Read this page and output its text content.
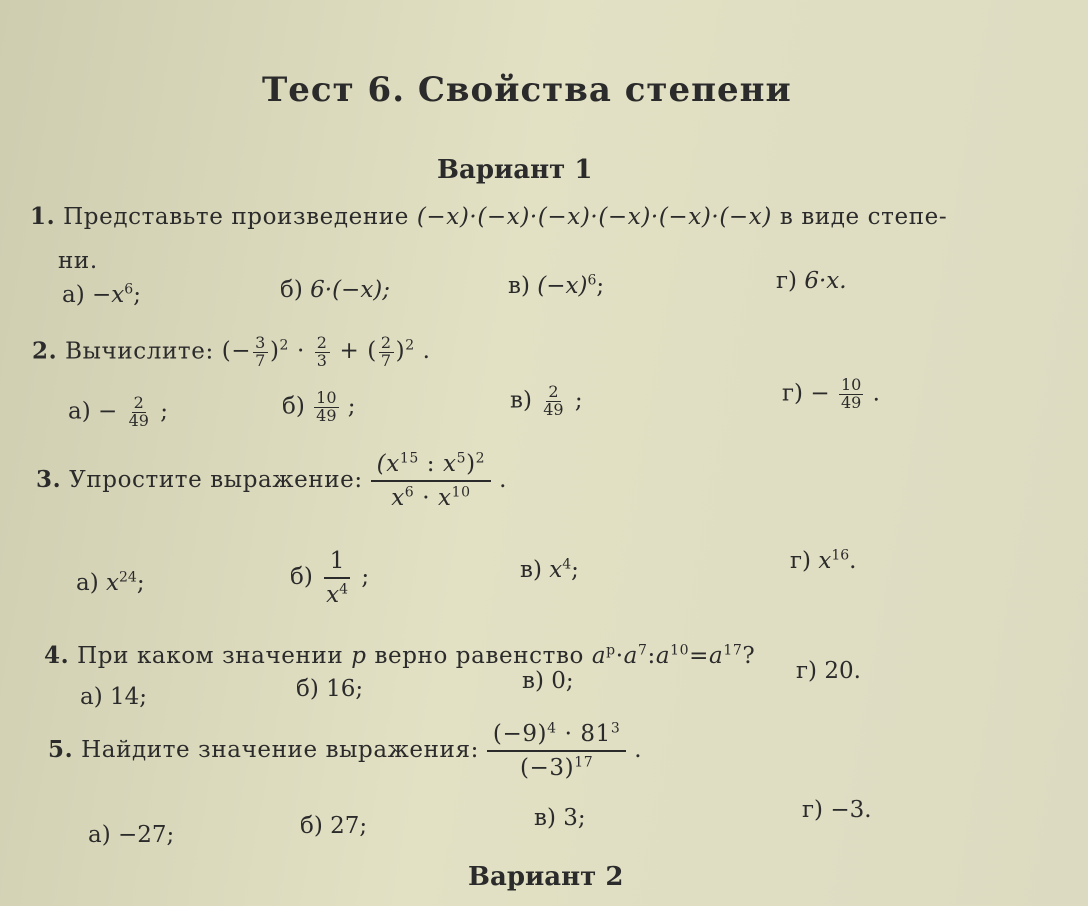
Тест 6. Свойства степени
Вариант 1
1. Представьте произведение (−x)·(−x)·(−x)·(−x)·(−x)·(−x) в виде степе-
ни.
$а) -x^6$;	б) 6·(−x);	в) $(-x)^6$;	г) 6·x.
2. Вычислите: (− $\frac{3}{7} )^2 \cdot \frac{2}{3}$ + ( $\frac{2}{7} )^2$ .
$а) - \frac{2}{49}$ ;	$б) \frac{10}{49}$ ;	$в) \frac{2}{49}$ ;	$г) - \frac{10}{49}$ .
3. Упростите выражение: $\frac{(x^{15} : x^5)^2}{x^6 \cdot x^{10}}$ .
а) $x^{24}$;	$б) \frac{1}{x^4}$ ;	в) $x^4$;	г) $x^{16}$.
4. При каком значении p верно равенство $a^p\cdot a^7:a^{10}=a^{17}$?
а) 14;	б) 16;	в) 0;	г) 20.
5. Найдите значение выражения: $\frac{(-9)^4 \cdot 81^3}{(-3)^{17}}$ .
а) −27;	б) 27;	в) 3;	г) −3.
Вариант 2
